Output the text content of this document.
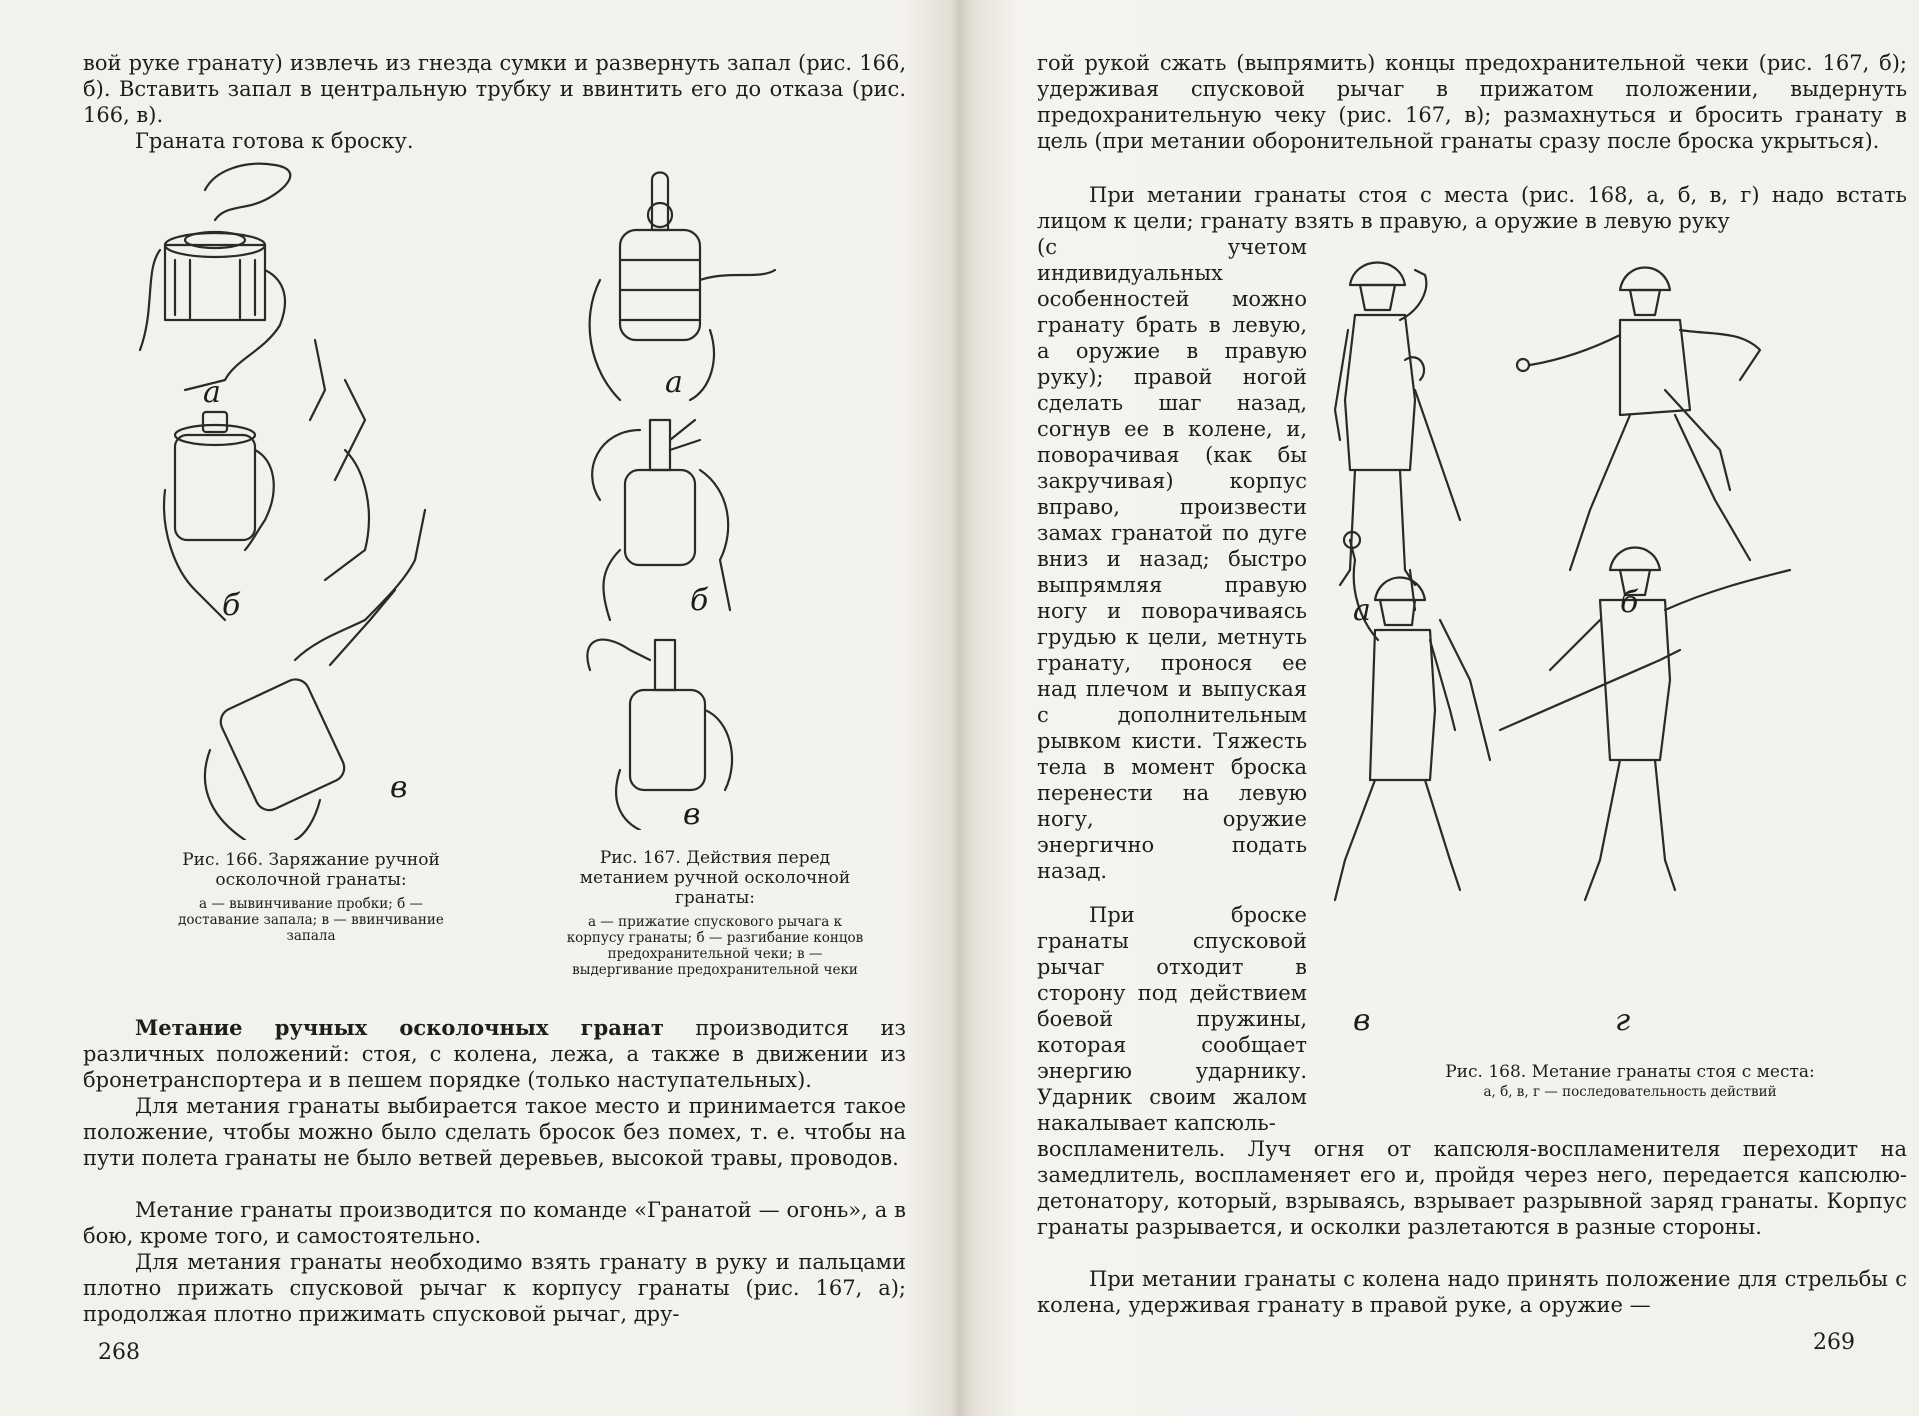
вой руке гранату) извлечь из гнезда сумки и развернуть запал (рис. 166, б). Вставить запал в центральную трубку и ввинтить его до отказа (рис. 166, в).

Граната готова к броску.

а
б
в
а
б
в

Рис. 166. Заряжание ручной осколочной гранаты:

а — вывинчивание пробки; б — доставание запала; в — ввинчивание запала

Рис. 167. Действия перед метанием ручной осколочной гранаты:

а — прижатие спускового рычага к корпусу гранаты; б — разгибание концов предохранительной чеки; в — выдергивание предохранительной чеки

Метание ручных осколочных гранат производится из различных положений: стоя, с колена, лежа, а также в движении из бронетранспортера и в пешем порядке (только наступательных).

Для метания гранаты выбирается такое место и принимается такое положение, чтобы можно было сделать бросок без помех, т. е. чтобы на пути полета гранаты не было ветвей деревьев, высокой травы, проводов.

Метание гранаты производится по команде «Гранатой — огонь», а в бою, кроме того, и самостоятельно.

Для метания гранаты необходимо взять гранату в руку и пальцами плотно прижать спусковой рычаг к корпусу гранаты (рис. 167, а); продолжая плотно прижимать спусковой рычаг, дру-

268

гой рукой сжать (выпрямить) концы предохранительной чеки (рис. 167, б); удерживая спусковой рычаг в прижатом положении, выдернуть предохранительную чеку (рис. 167, в); размахнуться и бросить гранату в цель (при метании оборонительной гранаты сразу после броска укрыться).

При метании гранаты стоя с места (рис. 168, а, б, в, г) надо встать лицом к цели; гранату взять в правую, а оружие в левую руку

(с учетом индивидуальных особенностей можно гранату брать в левую, а оружие в правую руку); правой ногой сделать шаг назад, согнув ее в колене, и, поворачивая (как бы закручивая) корпус вправо, произвести замах гранатой по дуге вниз и назад; быстро выпрямляя правую ногу и поворачиваясь грудью к цели, метнуть гранату, пронося ее над плечом и выпуская с дополнительным рывком кисти. Тяжесть тела в момент броска перенести на левую ногу, оружие энергично подать назад.

При броске гранаты спусковой рычаг отходит в сторону под действием боевой пружины, которая сообщает энергию ударнику. Ударник своим жалом накалывает капсюль-

воспламенитель. Луч огня от капсюля-воспламенителя переходит на замедлитель, воспламеняет его и, пройдя через него, передается капсюлю-детонатору, который, взрываясь, взрывает разрывной заряд гранаты. Корпус гранаты разрывается, и осколки разлетаются в разные стороны.

При метании гранаты с колена надо принять положение для стрельбы с колена, удерживая гранату в правой руке, а оружие —

а	б
в	г

Рис. 168. Метание гранаты стоя с места:

а, б, в, г — последовательность действий

269
